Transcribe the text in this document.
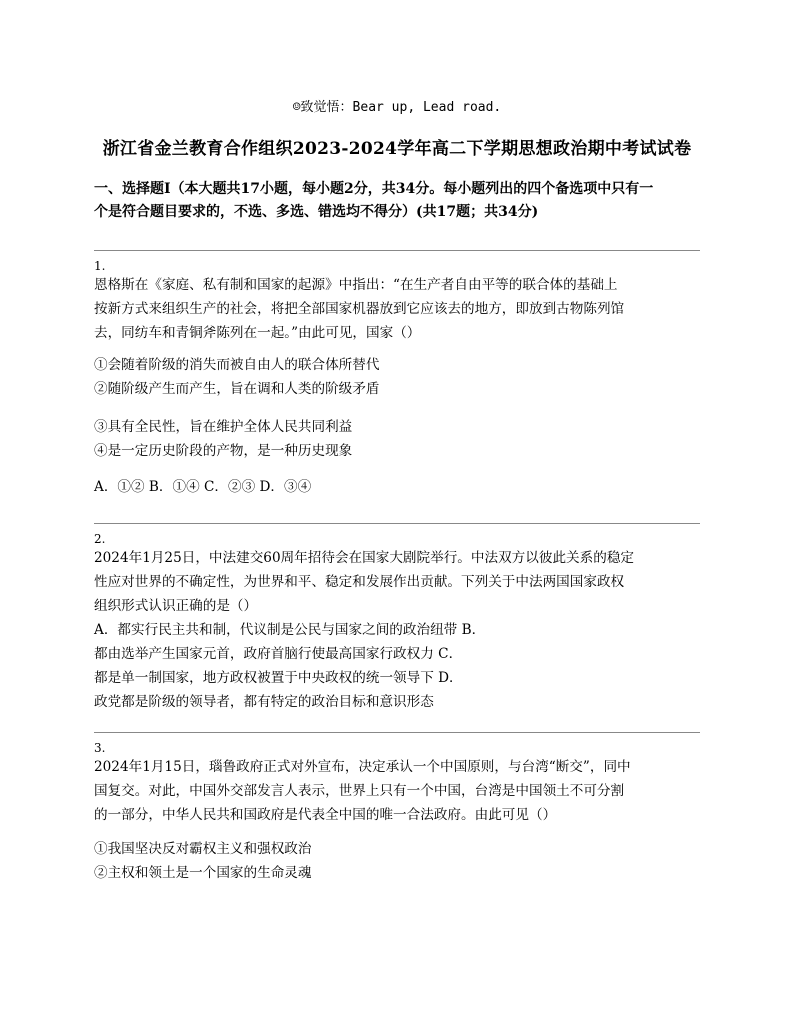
☺致觉悟：Bear up, Lead road.
浙江省金兰教育合作组织2023-2024学年高二下学期思想政治期中考试试卷
一、选择题Ⅰ（本大题共17小题，每小题2分，共34分。每小题列出的四个备选项中只有一
个是符合题目要求的，不选、多选、错选均不得分）(共17题；共34分)
1.

恩格斯在《家庭、私有制和国家的起源》中指出：“在生产者自由平等的联合体的基础上

按新方式来组织生产的社会，将把全部国家机器放到它应该去的地方，即放到古物陈列馆

去，同纺车和青铜斧陈列在一起。”由此可见，国家（）

①会随着阶级的消失而被自由人的联合体所替代

②随阶级产生而产生，旨在调和人类的阶级矛盾

③具有全民性，旨在维护全体人民共同利益

④是一定历史阶段的产物，是一种历史现象

A．①② B．①④ C．②③ D．③④

2.

2024年1月25日，中法建交60周年招待会在国家大剧院举行。中法双方以彼此关系的稳定

性应对世界的不确定性，为世界和平、稳定和发展作出贡献。下列关于中法两国国家政权

组织形式认识正确的是（）

A．都实行民主共和制，代议制是公民与国家之间的政治纽带 B．

都由选举产生国家元首，政府首脑行使最高国家行政权力 C．

都是单一制国家，地方政权被置于中央政权的统一领导下 D．

政党都是阶级的领导者，都有特定的政治目标和意识形态

3.

2024年1月15日，瑙鲁政府正式对外宣布，决定承认一个中国原则，与台湾“断交”，同中

国复交。对此，中国外交部发言人表示，世界上只有一个中国，台湾是中国领土不可分割

的一部分，中华人民共和国政府是代表全中国的唯一合法政府。由此可见（）

①我国坚决反对霸权主义和强权政治

②主权和领土是一个国家的生命灵魂
